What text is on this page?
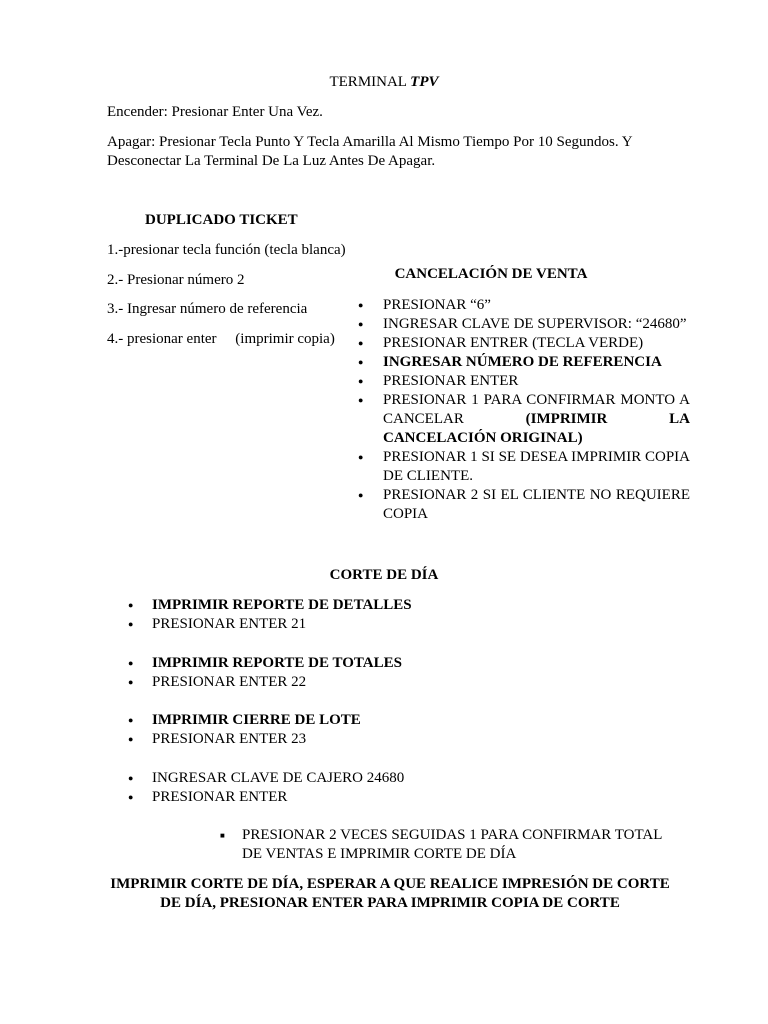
TERMINAL TPV

Encender: Presionar Enter Una Vez.

Apagar: Presionar Tecla Punto Y Tecla Amarilla Al Mismo Tiempo Por 10 Segundos. Y Desconectar La Terminal De La Luz Antes De Apagar.

DUPLICADO TICKET

1.-presionar tecla función (tecla blanca)

2.- Presionar número 2

3.- Ingresar número de referencia

4.- presionar enter     (imprimir copia)

CANCELACIÓN DE VENTA

● PRESIONAR “6”
● INGRESAR CLAVE DE SUPERVISOR: “24680”
● PRESIONAR ENTRER (TECLA VERDE)
● INGRESAR NÚMERO DE REFERENCIA
● PRESIONAR ENTER
● PRESIONAR 1 PARA CONFIRMAR MONTO A CANCELAR (IMPRIMIR LA CANCELACIÓN ORIGINAL)
● PRESIONAR 1 SI SE DESEA IMPRIMIR COPIA DE CLIENTE.
● PRESIONAR 2 SI EL CLIENTE NO REQUIERE COPIA

CORTE DE DÍA

● IMPRIMIR REPORTE DE DETALLES
● PRESIONAR ENTER 21
● IMPRIMIR REPORTE DE TOTALES
● PRESIONAR ENTER 22
● IMPRIMIR CIERRE DE LOTE
● PRESIONAR ENTER 23
● INGRESAR CLAVE DE CAJERO 24680
● PRESIONAR ENTER
■ PRESIONAR 2 VECES SEGUIDAS 1 PARA CONFIRMAR TOTAL DE VENTAS E IMPRIMIR CORTE DE DÍA

IMPRIMIR CORTE DE DÍA, ESPERAR A QUE REALICE IMPRESIÓN DE CORTE DE DÍA, PRESIONAR ENTER PARA IMPRIMIR COPIA DE CORTE
